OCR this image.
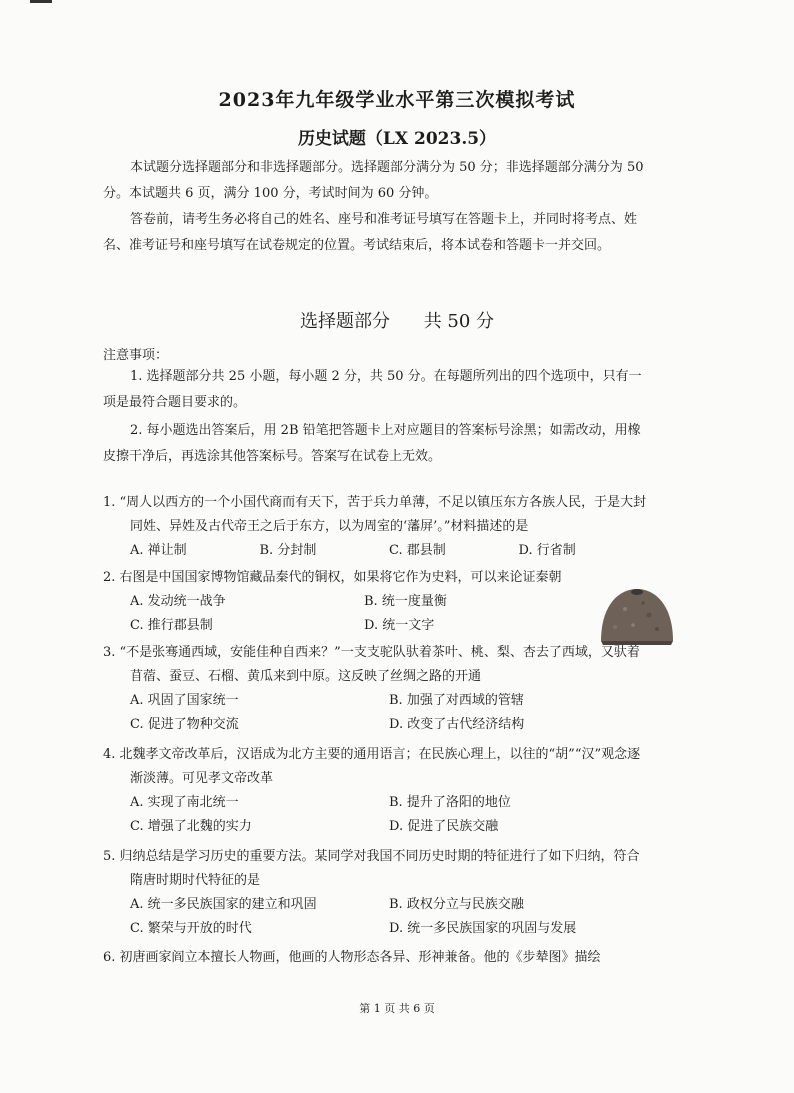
2023年九年级学业水平第三次模拟考试
历史试题（LX 2023.5）

本试题分选择题部分和非选择题部分。选择题部分满分为 50 分；非选择题部分满分为 50 分。本试题共 6 页，满分 100 分，考试时间为 60 分钟。

答卷前，请考生务必将自己的姓名、座号和准考证号填写在答题卡上，并同时将考点、姓名、准考证号和座号填写在试卷规定的位置。考试结束后，将本试卷和答题卡一并交回。

选择题部分 共 50 分
注意事项：

1. 选择题部分共 25 小题，每小题 2 分，共 50 分。在每题所列出的四个选项中，只有一项是最符合题目要求的。

2. 每小题选出答案后，用 2B 铅笔把答题卡上对应题目的答案标号涂黑；如需改动，用橡皮擦干净后，再选涂其他答案标号。答案写在试卷上无效。

1. “周人以西方的一个小国代商而有天下，苦于兵力单薄，不足以镇压东方各族人民，于是大封同姓、异姓及古代帝王之后于东方，以为周室的‘藩屏’。”材料描述的是

A. 禅让制	B. 分封制	C. 郡县制	D. 行省制

2. 右图是中国国家博物馆藏品秦代的铜权，如果将它作为史料，可以来论证秦朝

A. 发动统一战争	B. 统一度量衡
C. 推行郡县制	D. 统一文字

3. “不是张骞通西域，安能佳种自西来？”一支支驼队驮着茶叶、桃、梨、杏去了西域，又驮着苜蓿、蚕豆、石榴、黄瓜来到中原。这反映了丝绸之路的开通

A. 巩固了国家统一	B. 加强了对西域的管辖
C. 促进了物种交流	D. 改变了古代经济结构

4. 北魏孝文帝改革后，汉语成为北方主要的通用语言；在民族心理上，以往的“胡”“汉”观念逐渐淡薄。可见孝文帝改革

A. 实现了南北统一	B. 提升了洛阳的地位
C. 增强了北魏的实力	D. 促进了民族交融

5. 归纳总结是学习历史的重要方法。某同学对我国不同历史时期的特征进行了如下归纳，符合隋唐时期时代特征的是

A. 统一多民族国家的建立和巩固	B. 政权分立与民族交融
C. 繁荣与开放的时代	D. 统一多民族国家的巩固与发展

6. 初唐画家阎立本擅长人物画，他画的人物形态各异、形神兼备。他的《步辇图》描绘

第 1 页 共 6 页
